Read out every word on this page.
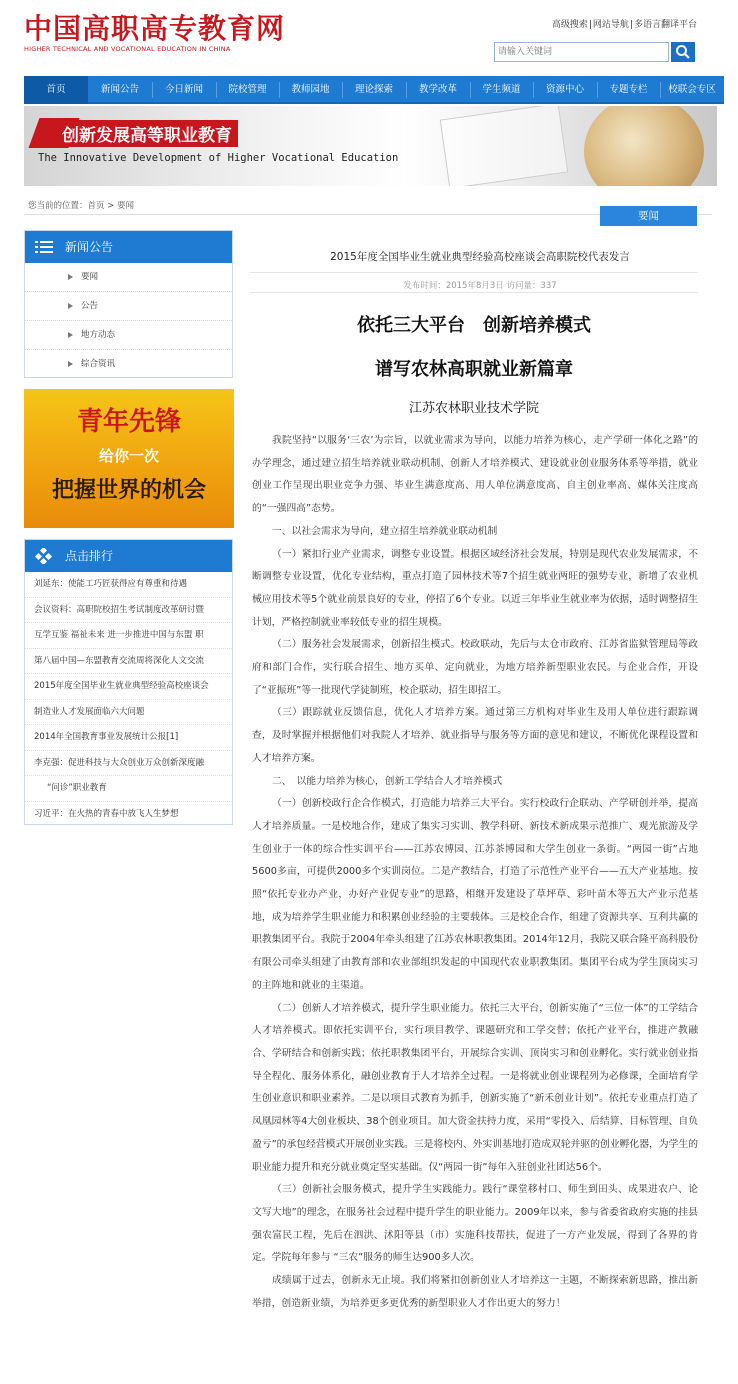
中国高职高专教育网
HIGHER TECHNICAL AND VOCATIONAL EDUCATION IN CHINA
高级搜索|网站导航|多语言翻译平台
请输入关键词
首页	新闻公告	今日新闻	院校管理	教师园地	理论探索	教学改革	学生频道	资源中心	专题专栏	校联会专区
创新发展高等职业教育
The Innovative Development of Higher Vocational Education
您当前的位置：首页 > 要闻
要闻
新闻公告
要闻
公告
地方动态
综合资讯
青年先锋
给你一次
把握世界的机会
点击排行
刘延东：使能工巧匠获得应有尊重和待遇
会议资料：高职院校招生考试制度改革研讨暨
互学互鉴 福祉未来 进一步推进中国与东盟 职
第八届中国—东盟教育交流周将深化人文交流
2015年度全国毕业生就业典型经验高校座谈会
制造业人才发展面临六大问题
2014年全国教育事业发展统计公报[1]
李克强：促进科技与大众创业万众创新深度融
“问诊”职业教育
习近平：在火热的青春中放飞人生梦想
2015年度全国毕业生就业典型经验高校座谈会高职院校代表发言
发布时间：2015年8月3日 访问量：337
依托三大平台　创新培养模式
谱写农林高职就业新篇章
江苏农林职业技术学院

我院坚持“以服务‘三农’为宗旨，以就业需求为导向，以能力培养为核心，走产学研一体化之路”的办学理念，通过建立招生培养就业联动机制、创新人才培养模式、建设就业创业服务体系等举措，就业创业工作呈现出职业竞争力强、毕业生满意度高、用人单位满意度高、自主创业率高、媒体关注度高的“一强四高”态势。

一、以社会需求为导向，建立招生培养就业联动机制

（一）紧扣行业产业需求，调整专业设置。根据区域经济社会发展，特别是现代农业发展需求，不断调整专业设置，优化专业结构，重点打造了园林技术等7个招生就业两旺的强势专业，新增了农业机械应用技术等5个就业前景良好的专业，停招了6个专业。以近三年毕业生就业率为依据，适时调整招生计划，严格控制就业率较低专业的招生规模。

（二）服务社会发展需求，创新招生模式。校政联动，先后与太仓市政府、江苏省监狱管理局等政府和部门合作，实行联合招生、地方买单、定向就业，为地方培养新型职业农民。与企业合作，开设了“亚振班”等一批现代学徒制班，校企联动，招生即招工。

（三）跟踪就业反馈信息，优化人才培养方案。通过第三方机构对毕业生及用人单位进行跟踪调查，及时掌握并根据他们对我院人才培养、就业指导与服务等方面的意见和建议，不断优化课程设置和人才培养方案。

二、　以能力培养为核心，创新工学结合人才培养模式

（一）创新校政行企合作模式，打造能力培养三大平台。实行校政行企联动、产学研创并举，提高人才培养质量。一是校地合作，建成了集实习实训、教学科研、新技术新成果示范推广、观光旅游及学生创业于一体的综合性实训平台——江苏农博园、江苏茶博园和大学生创业一条街。“两园一街”占地5600多亩，可提供2000多个实训岗位。二是产教结合，打造了示范性产业平台——五大产业基地。按照“依托专业办产业，办好产业促专业”的思路，相继开发建设了草坪草、彩叶苗木等五大产业示范基地，成为培养学生职业能力和积累创业经验的主要载体。三是校企合作，组建了资源共享、互利共赢的职教集团平台。我院于2004年牵头组建了江苏农林职教集团。2014年12月，我院又联合隆平高科股份有限公司牵头组建了由教育部和农业部组织发起的中国现代农业职教集团。集团平台成为学生顶岗实习的主阵地和就业的主渠道。

（二）创新人才培养模式，提升学生职业能力。依托三大平台，创新实施了“三位一体”的工学结合人才培养模式。即依托实训平台，实行项目教学、课题研究和工学交替；依托产业平台，推进产教融合、学研结合和创新实践；依托职教集团平台，开展综合实训、顶岗实习和创业孵化。实行就业创业指导全程化、服务体系化，融创业教育于人才培养全过程。一是将就业创业课程列为必修课，全面培育学生创业意识和职业素养。二是以项目式教育为抓手，创新实施了“新禾创业计划”。依托专业重点打造了凤凰园林等4大创业板块、38个创业项目。加大资金扶持力度，采用“零投入、后结算、目标管理、自负盈亏”的承包经营模式开展创业实践。三是将校内、外实训基地打造成双轮并驱的创业孵化器，为学生的职业能力提升和充分就业奠定坚实基础。仅“两园一街”每年入驻创业社团达56个。

（三）创新社会服务模式，提升学生实践能力。践行“课堂移村口、师生到田头、成果进农户、论文写大地”的理念，在服务社会过程中提升学生的职业能力。2009年以来，参与省委省政府实施的挂县强农富民工程，先后在泗洪、沭阳等县（市）实施科技帮扶，促进了一方产业发展，得到了各界的肯定。学院每年参与 “三农”服务的师生达900多人次。

成绩属于过去，创新永无止境。我们将紧扣创新创业人才培养这一主题，不断探索新思路，推出新举措，创造新业绩，为培养更多更优秀的新型职业人才作出更大的努力！
